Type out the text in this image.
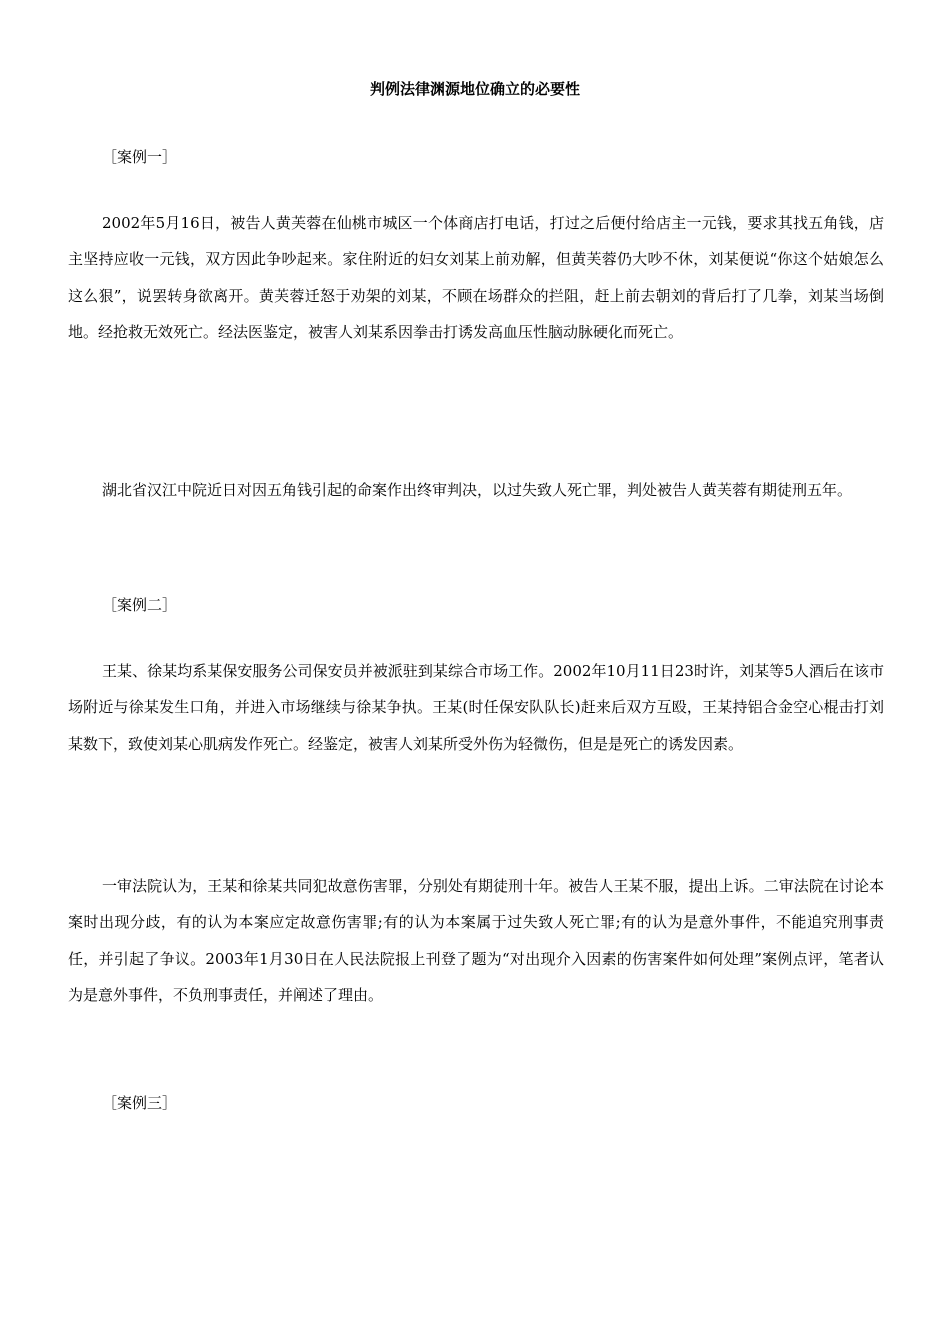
判例法律渊源地位确立的必要性
［案例一］

2002年5月16日，被告人黄芙蓉在仙桃市城区一个体商店打电话，打过之后便付给店主一元钱，要求其找五角钱，店主坚持应收一元钱，双方因此争吵起来。家住附近的妇女刘某上前劝解，但黄芙蓉仍大吵不休，刘某便说“你这个姑娘怎么这么狠”，说罢转身欲离开。黄芙蓉迁怒于劝架的刘某，不顾在场群众的拦阻，赶上前去朝刘的背后打了几拳，刘某当场倒地。经抢救无效死亡。经法医鉴定，被害人刘某系因拳击打诱发高血压性脑动脉硬化而死亡。

湖北省汉江中院近日对因五角钱引起的命案作出终审判决，以过失致人死亡罪，判处被告人黄芙蓉有期徒刑五年。

［案例二］

王某、徐某均系某保安服务公司保安员并被派驻到某综合市场工作。2002年10月11日23时许，刘某等5人酒后在该市场附近与徐某发生口角，并进入市场继续与徐某争执。王某(时任保安队队长)赶来后双方互殴，王某持铝合金空心棍击打刘某数下，致使刘某心肌病发作死亡。经鉴定，被害人刘某所受外伤为轻微伤，但是是死亡的诱发因素。

一审法院认为，王某和徐某共同犯故意伤害罪，分别处有期徒刑十年。被告人王某不服，提出上诉。二审法院在讨论本案时出现分歧，有的认为本案应定故意伤害罪;有的认为本案属于过失致人死亡罪;有的认为是意外事件，不能追究刑事责任，并引起了争议。2003年1月30日在人民法院报上刊登了题为“对出现介入因素的伤害案件如何处理”案例点评，笔者认为是意外事件，不负刑事责任，并阐述了理由。

［案例三］
